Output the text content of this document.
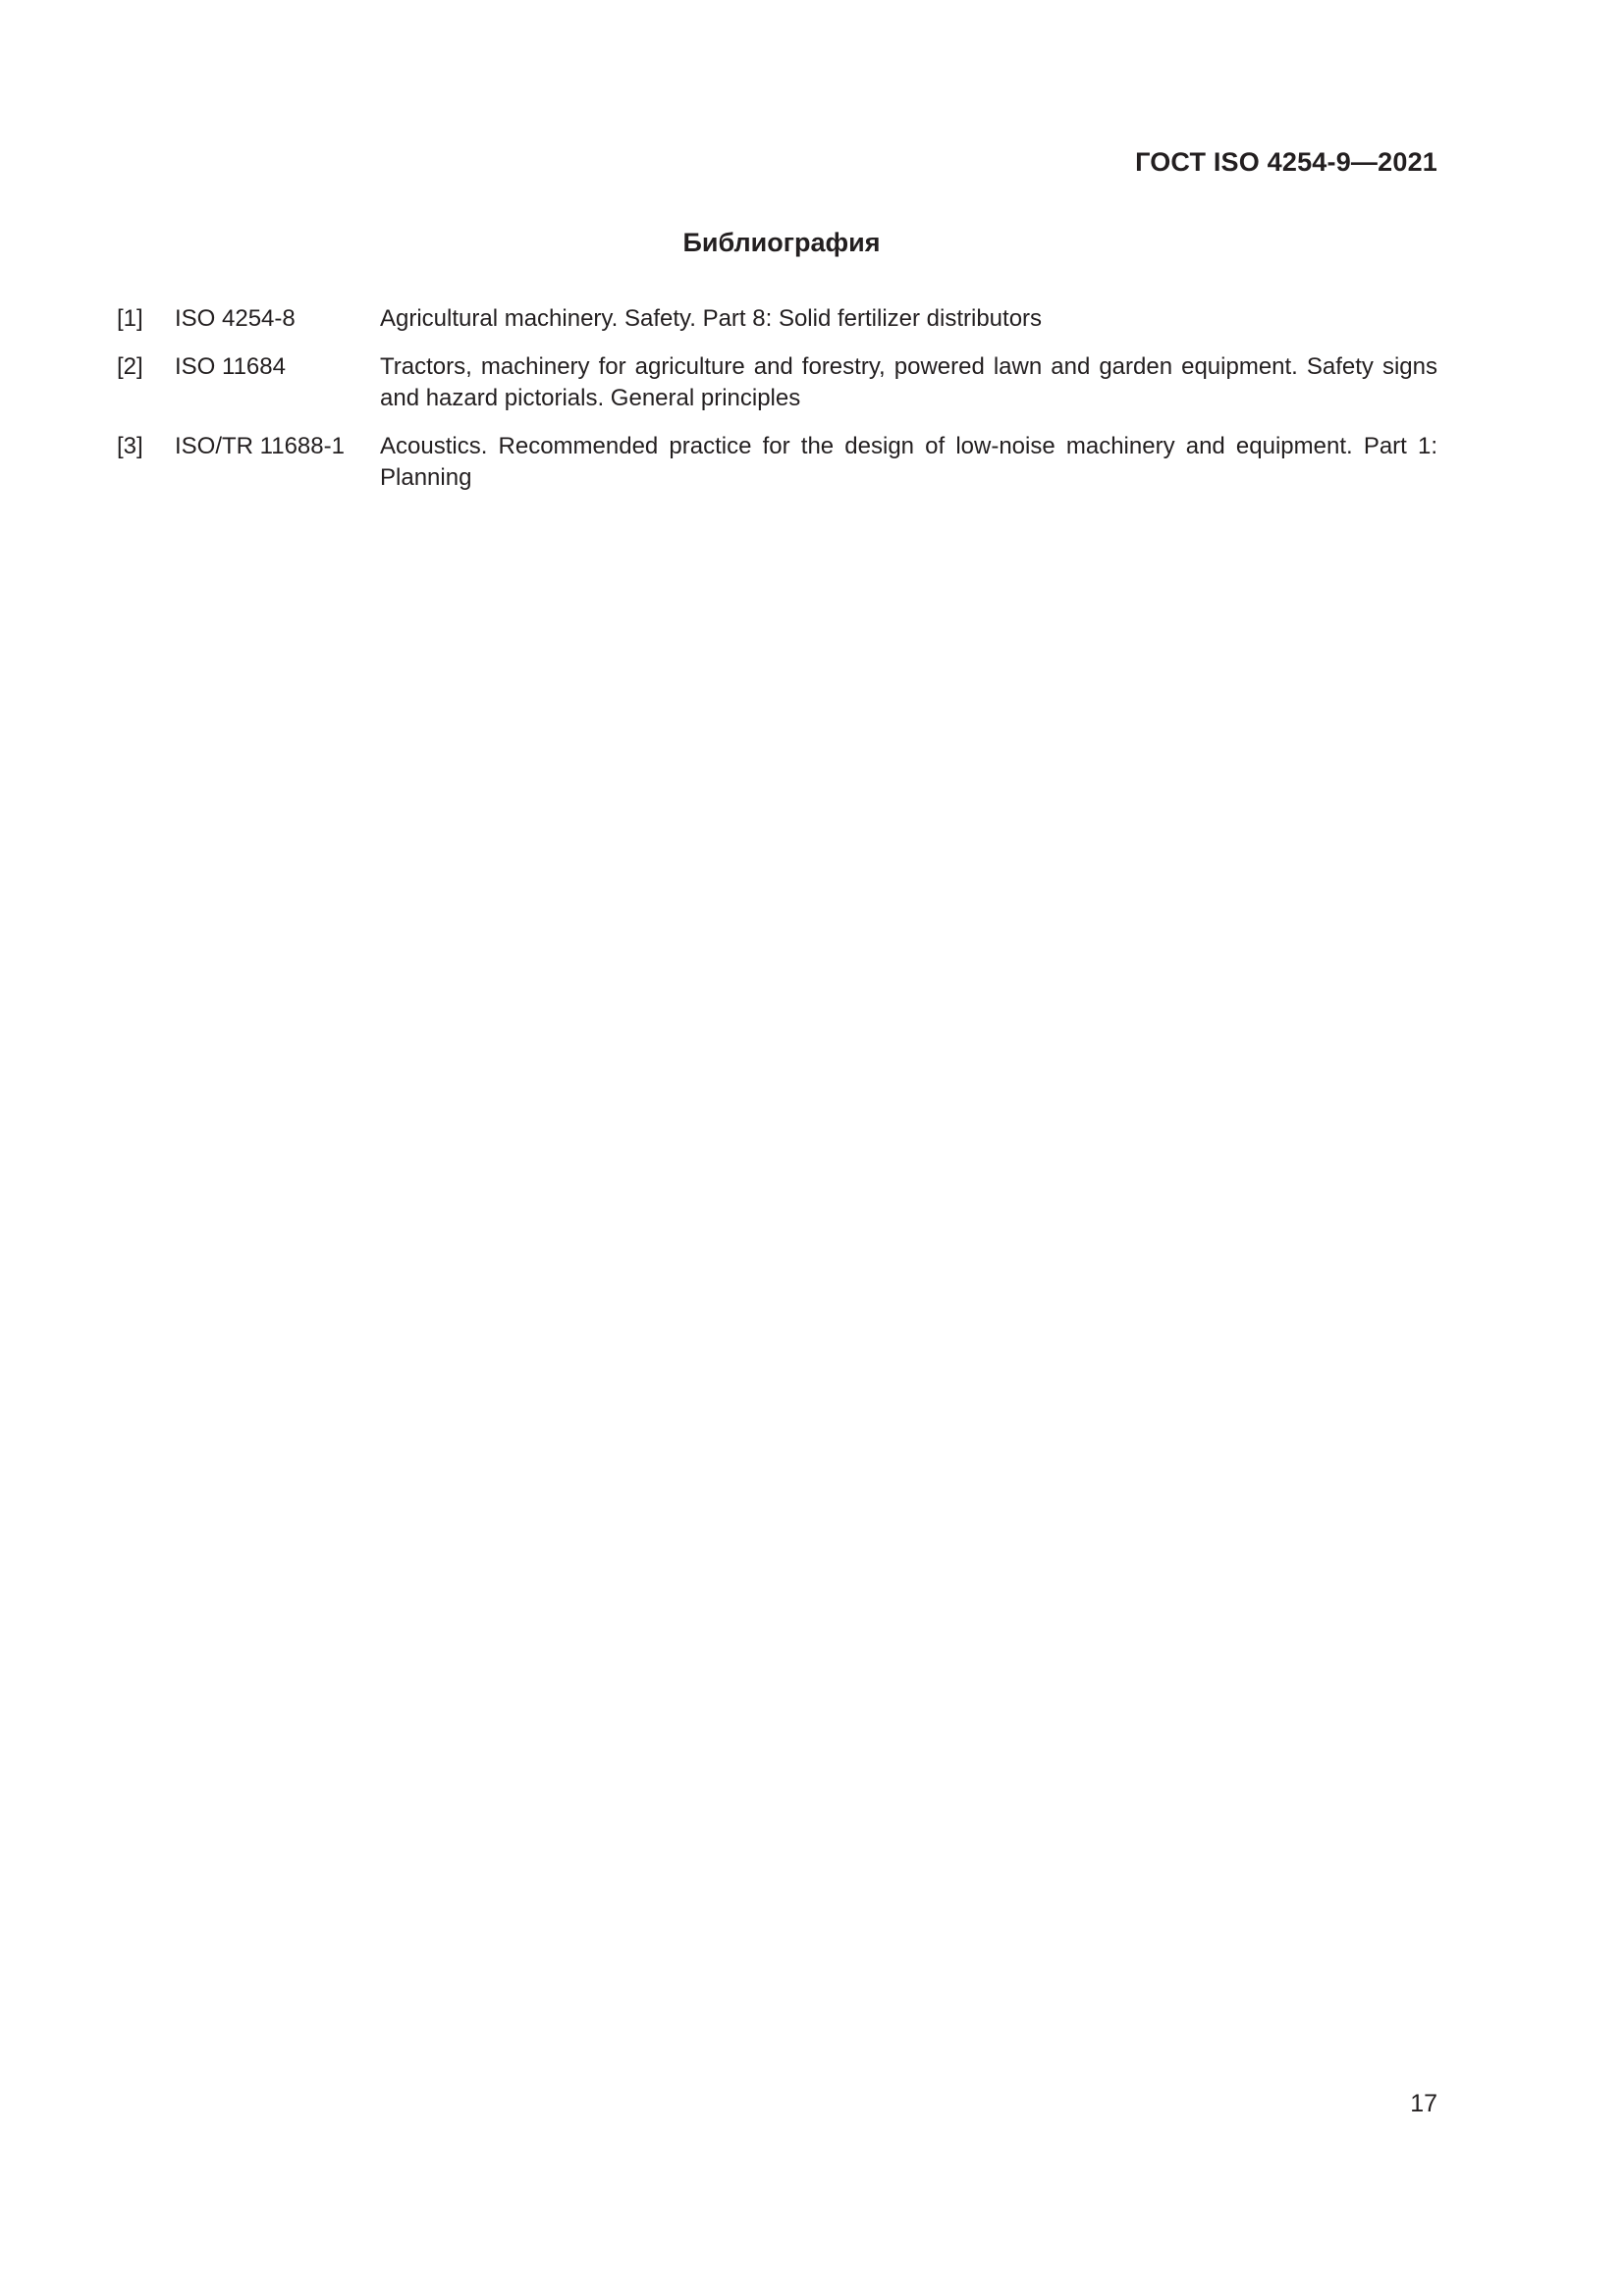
ГОСТ ISO 4254-9—2021
Библиография
[1]	ISO 4254-8	Agricultural machinery. Safety. Part 8: Solid fertilizer distributors
[2]	ISO 11684	Tractors, machinery for agriculture and forestry, powered lawn and garden equipment. Safety signs and hazard pictorials. General principles
[3]	ISO/TR 11688-1	Acoustics. Recommended practice for the design of low-noise machinery and equipment. Part 1: Planning
17
